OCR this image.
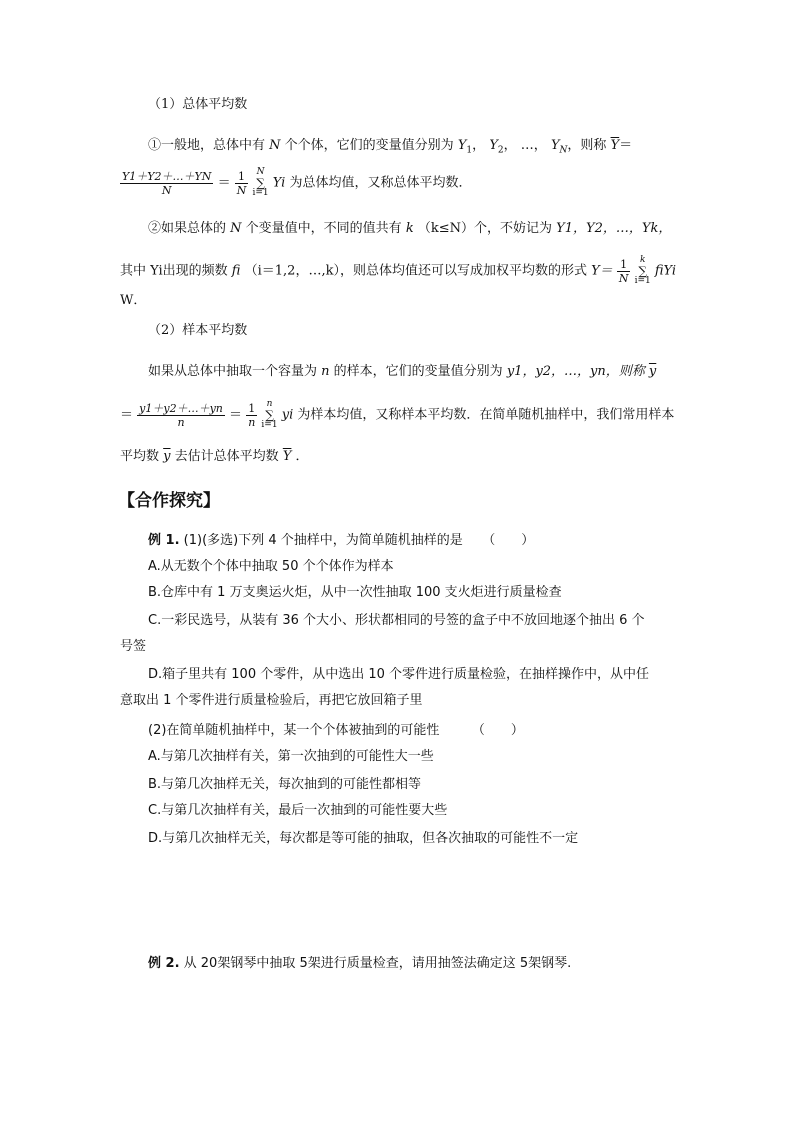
（1）总体平均数
①一般地，总体中有 N 个个体，它们的变量值分别为 $Y_1$， $Y_2$， …， $Y_N$，则称 $\overline{Y}=$
$\frac{Y1+Y2+\dots+YN}{N} = \frac{1}{N}$ N
∑
i=1 Yi 为总体均值，又称总体平均数．
②如果总体的 N 个变量值中，不同的值共有 k （k≤N）个，不妨记为 Y1，Y2，…，Yk，
其中 Yi出现的频数 fi （i＝1,2，…,k），则总体均值还可以写成加权平均数的形式 $Y= \frac{1}{N}$ k
∑
i=1 fiYi
W．
（2）样本平均数
如果从总体中抽取一个容量为 n 的样本，它们的变量值分别为 y1，y2，…，yn，则称 $\overline{y}$
＝ $\frac{y1+y2+\dots+yn}{n} = \frac{1}{n}$ n
∑
i=1 yi 为样本均值，又称样本平均数．在简单随机抽样中，我们常用样本
平均数 $\overline{y}$ 去估计总体平均数 $\overline{Y}$ ．
【合作探究】
例 1. (1)(多选)下列 4 个抽样中，为简单随机抽样的是　　（　　）
A.从无数个个体中抽取 50 个个体作为样本
B.仓库中有 1 万支奥运火炬，从中一次性抽取 100 支火炬进行质量检查
C.一彩民选号，从装有 36 个大小、形状都相同的号签的盒子中不放回地逐个抽出 6 个
号签
D.箱子里共有 100 个零件，从中选出 10 个零件进行质量检验，在抽样操作中，从中任
意取出 1 个零件进行质量检验后，再把它放回箱子里
(2)在简单随机抽样中，某一个个体被抽到的可能性　　　（　　）
A.与第几次抽样有关，第一次抽到的可能性大一些
B.与第几次抽样无关，每次抽到的可能性都相等
C.与第几次抽样有关，最后一次抽到的可能性要大些
D.与第几次抽样无关，每次都是等可能的抽取，但各次抽取的可能性不一定
例 2. 从 20架钢琴中抽取 5架进行质量检查，请用抽签法确定这 5架钢琴.
